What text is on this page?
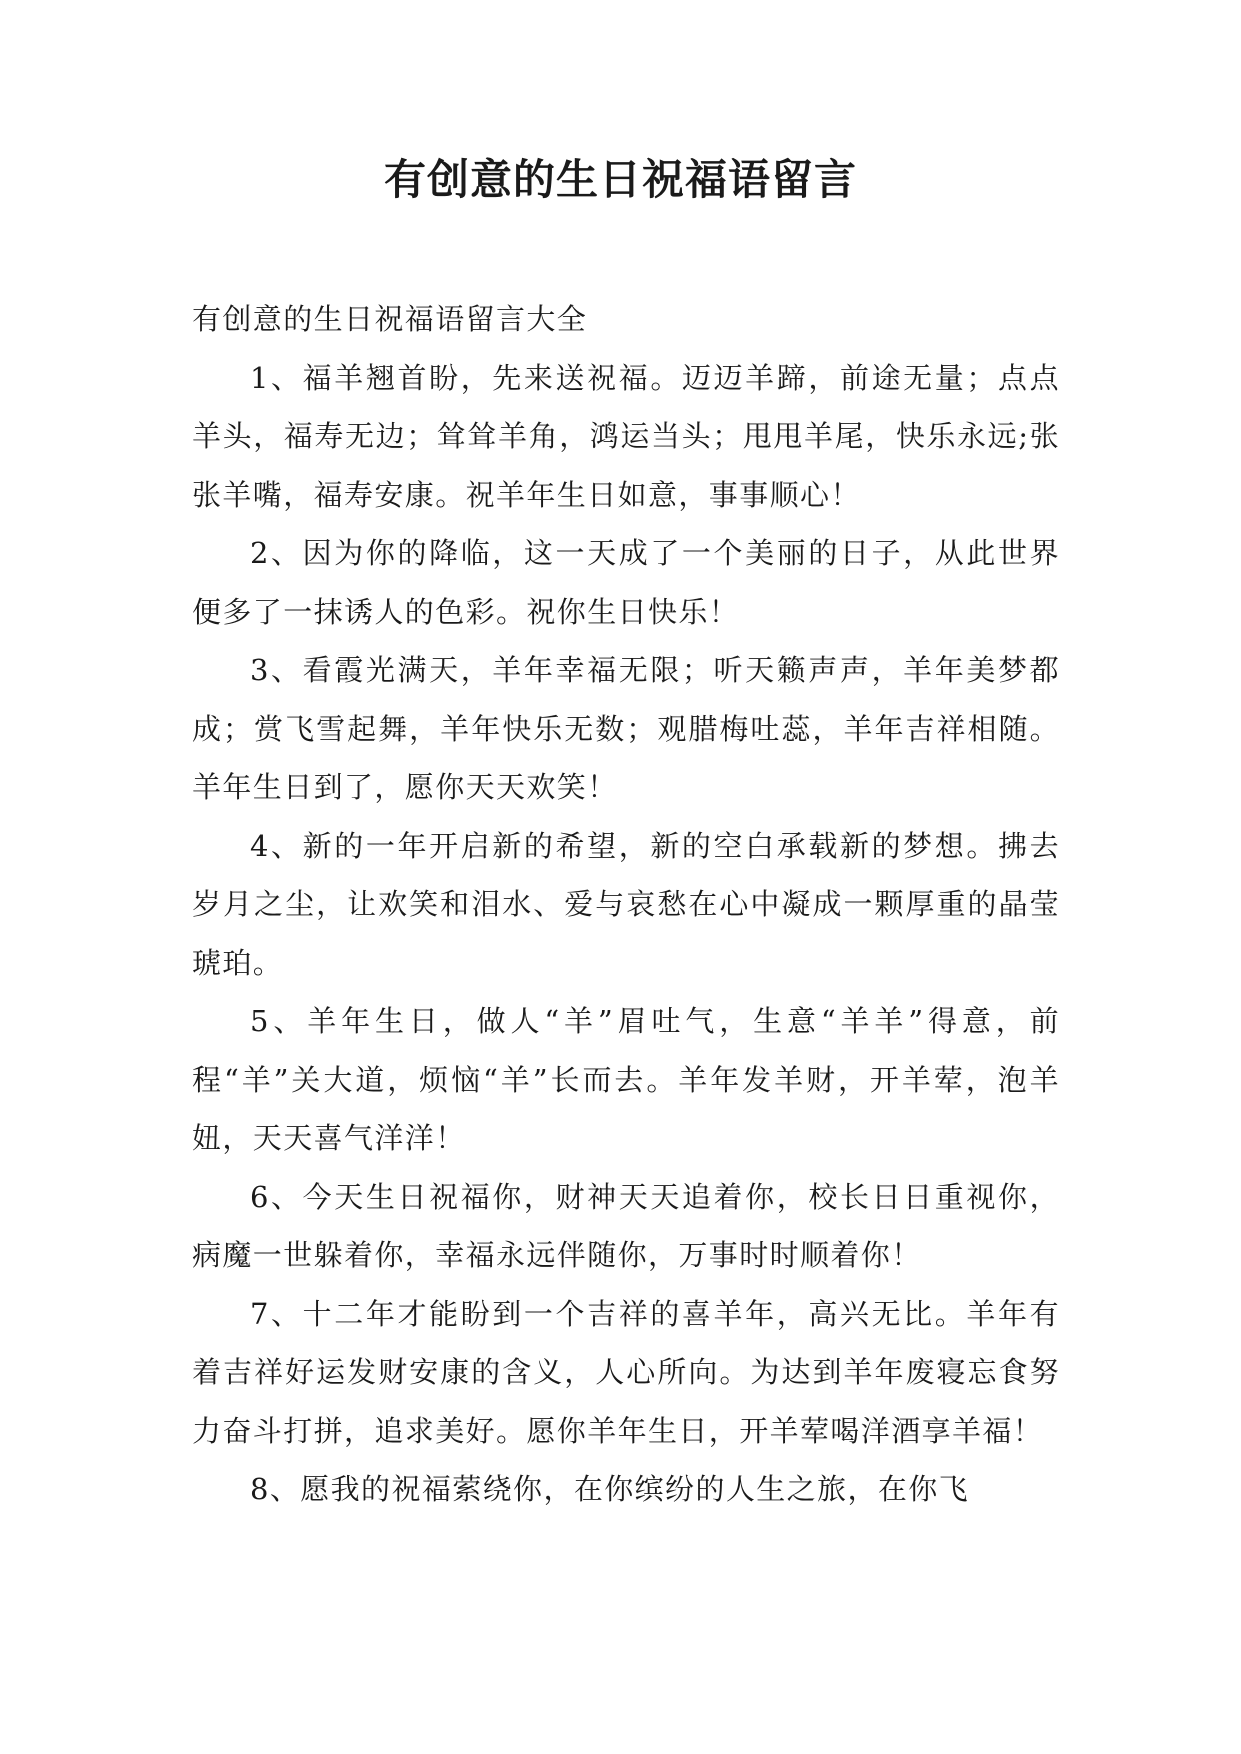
有创意的生日祝福语留言

有创意的生日祝福语留言大全

1、福羊翘首盼，先来送祝福。迈迈羊蹄，前途无量；点点羊头，福寿无边；耸耸羊角，鸿运当头；甩甩羊尾，快乐永远;张张羊嘴，福寿安康。祝羊年生日如意，事事顺心！

2、因为你的降临，这一天成了一个美丽的日子，从此世界便多了一抹诱人的色彩。祝你生日快乐！

3、看霞光满天，羊年幸福无限；听天籁声声，羊年美梦都成；赏飞雪起舞，羊年快乐无数；观腊梅吐蕊，羊年吉祥相随。羊年生日到了，愿你天天欢笑！

4、新的一年开启新的希望，新的空白承载新的梦想。拂去岁月之尘，让欢笑和泪水、爱与哀愁在心中凝成一颗厚重的晶莹琥珀。

5、羊年生日，做人“羊”眉吐气，生意“羊羊”得意，前程“羊”关大道，烦恼“羊”长而去。羊年发羊财，开羊荤，泡羊妞，天天喜气洋洋！

6、今天生日祝福你，财神天天追着你，校长日日重视你，病魔一世躲着你，幸福永远伴随你，万事时时顺着你！

7、十二年才能盼到一个吉祥的喜羊年，高兴无比。羊年有着吉祥好运发财安康的含义，人心所向。为达到羊年废寝忘食努力奋斗打拼，追求美好。愿你羊年生日，开羊荤喝洋酒享羊福！

8、愿我的祝福萦绕你，在你缤纷的人生之旅，在你飞
